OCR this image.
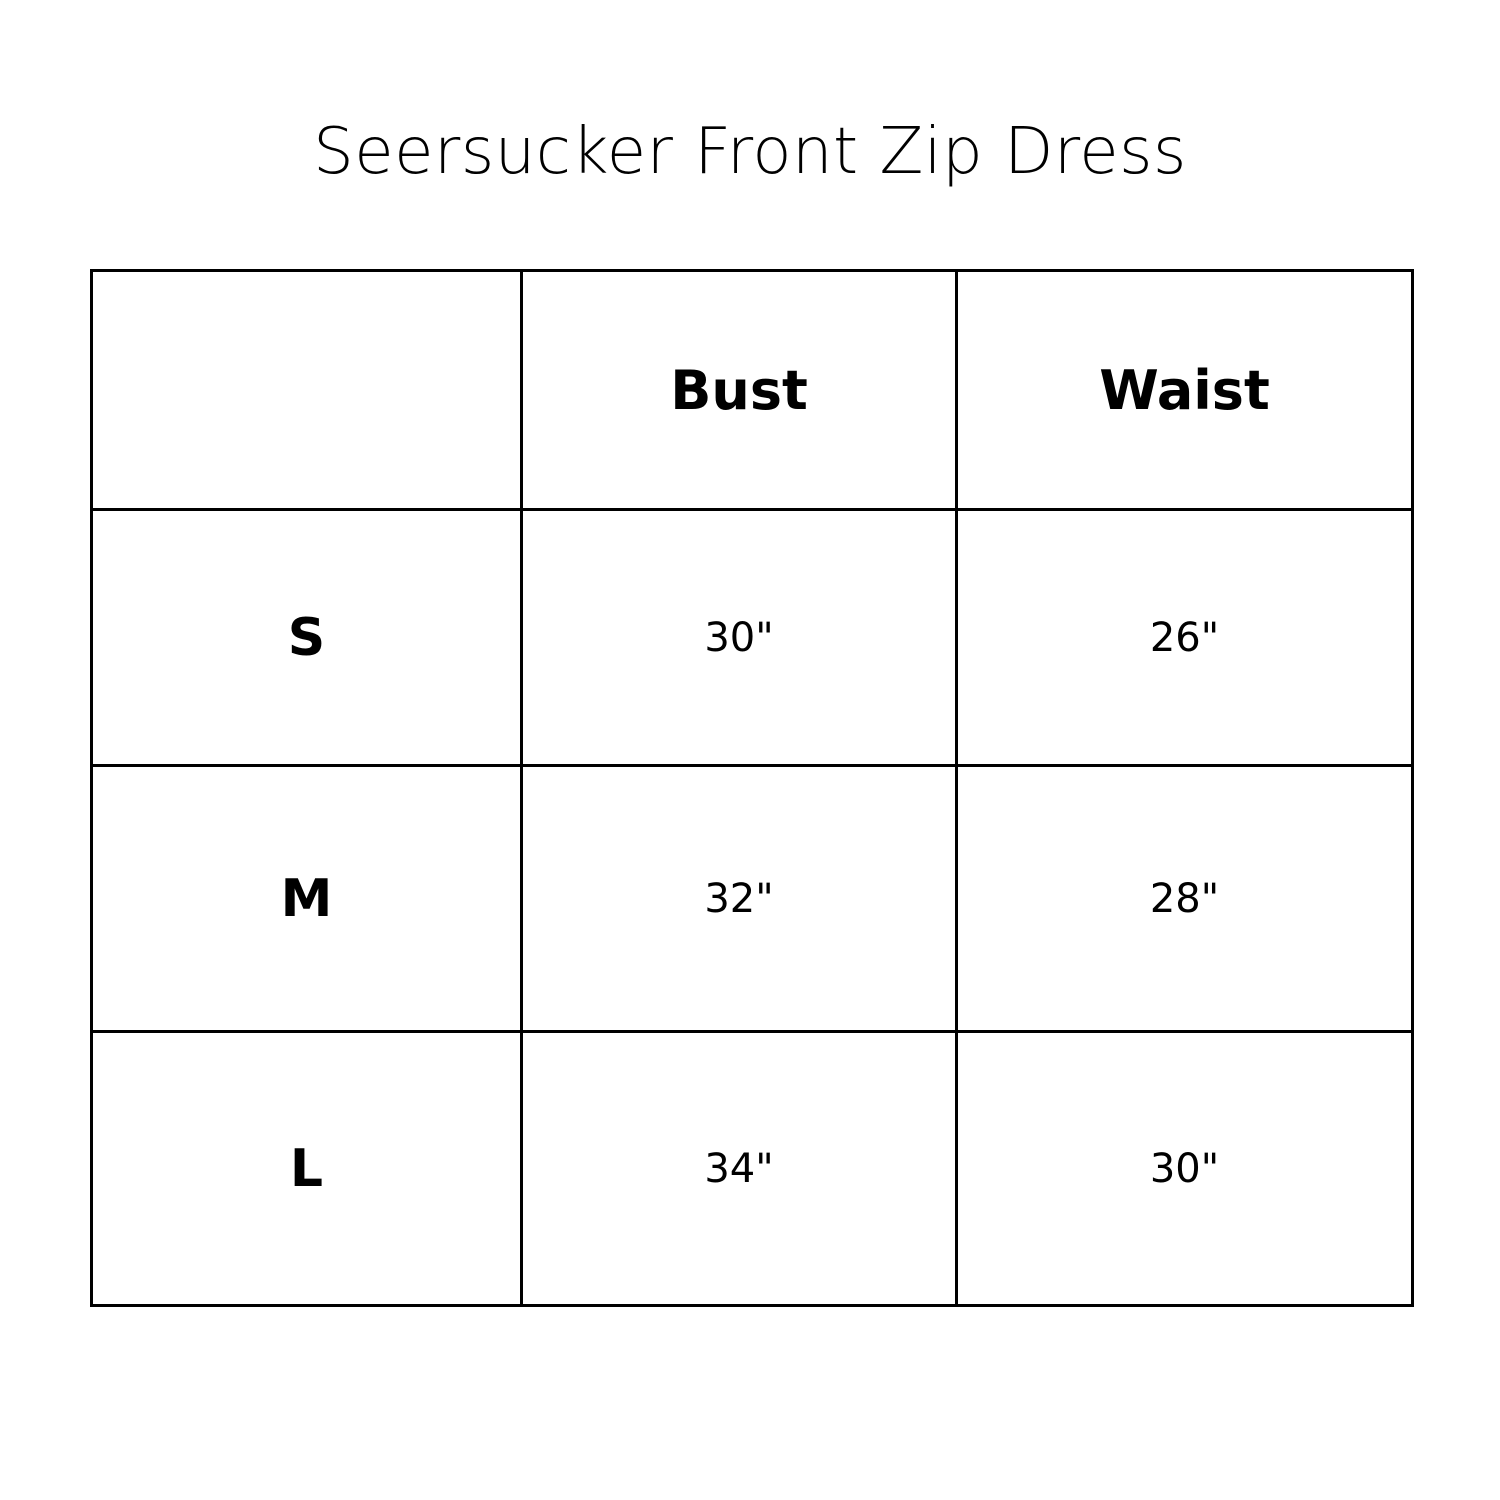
Seersucker Front Zip Dress
	Bust	Waist
S	30"	26"
M	32"	28"
L	34"	30"
